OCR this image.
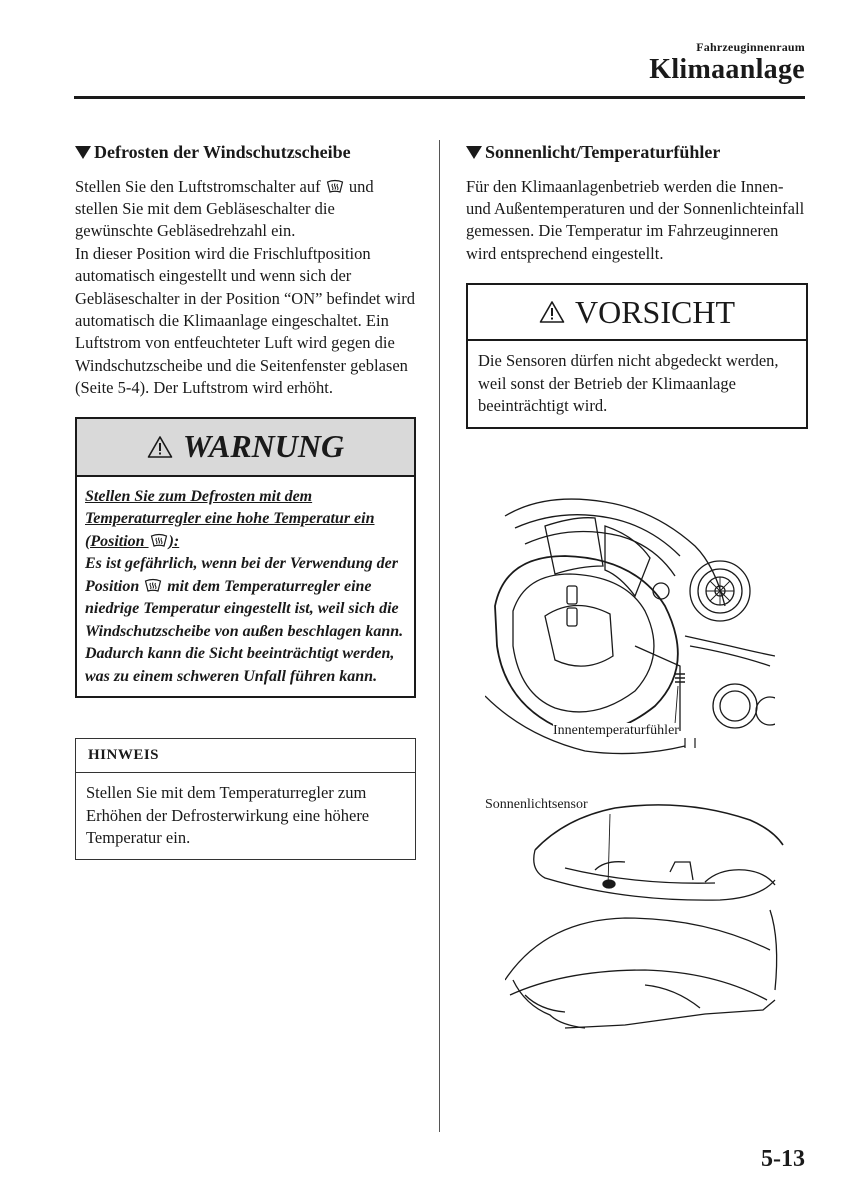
Fahrzeuginnenraum
Klimaanlage
Defrosten der Windschutzscheibe

Stellen Sie den Luftstromschalter auf  und stellen Sie mit dem Gebläseschalter die gewünschte Gebläsedrehzahl ein.
In dieser Position wird die Frischluftposition automatisch eingestellt und wenn sich der Gebläseschalter in der Position “ON” befindet wird automatisch die Klimaanlage eingeschaltet. Ein Luftstrom von entfeuchteter Luft wird gegen die Windschutzscheibe und die Seitenfenster geblasen (Seite 5-4). Der Luftstrom wird erhöht.

WARNUNG
Stellen Sie zum Defrosten mit dem Temperaturregler eine hohe Temperatur ein (Position ):
Es ist gefährlich, wenn bei der Verwendung der Position  mit dem Temperaturregler eine niedrige Temperatur eingestellt ist, weil sich die Windschutzscheibe von außen beschlagen kann. Dadurch kann die Sicht beeinträchtigt werden, was zu einem schweren Unfall führen kann.
HINWEIS
Stellen Sie mit dem Temperaturregler zum Erhöhen der Defrosterwirkung eine höhere Temperatur ein.
Sonnenlicht/Temperaturfühler

Für den Klimaanlagenbetrieb werden die Innen- und Außentemperaturen und der Sonnenlichteinfall gemessen. Die Temperatur im Fahrzeuginneren wird entsprechend eingestellt.

VORSICHT
Die Sensoren dürfen nicht abgedeckt werden, weil sonst der Betrieb der Klimaanlage beeinträchtigt wird.
Innentemperaturfühler
Sonnenlichtsensor
5-13
